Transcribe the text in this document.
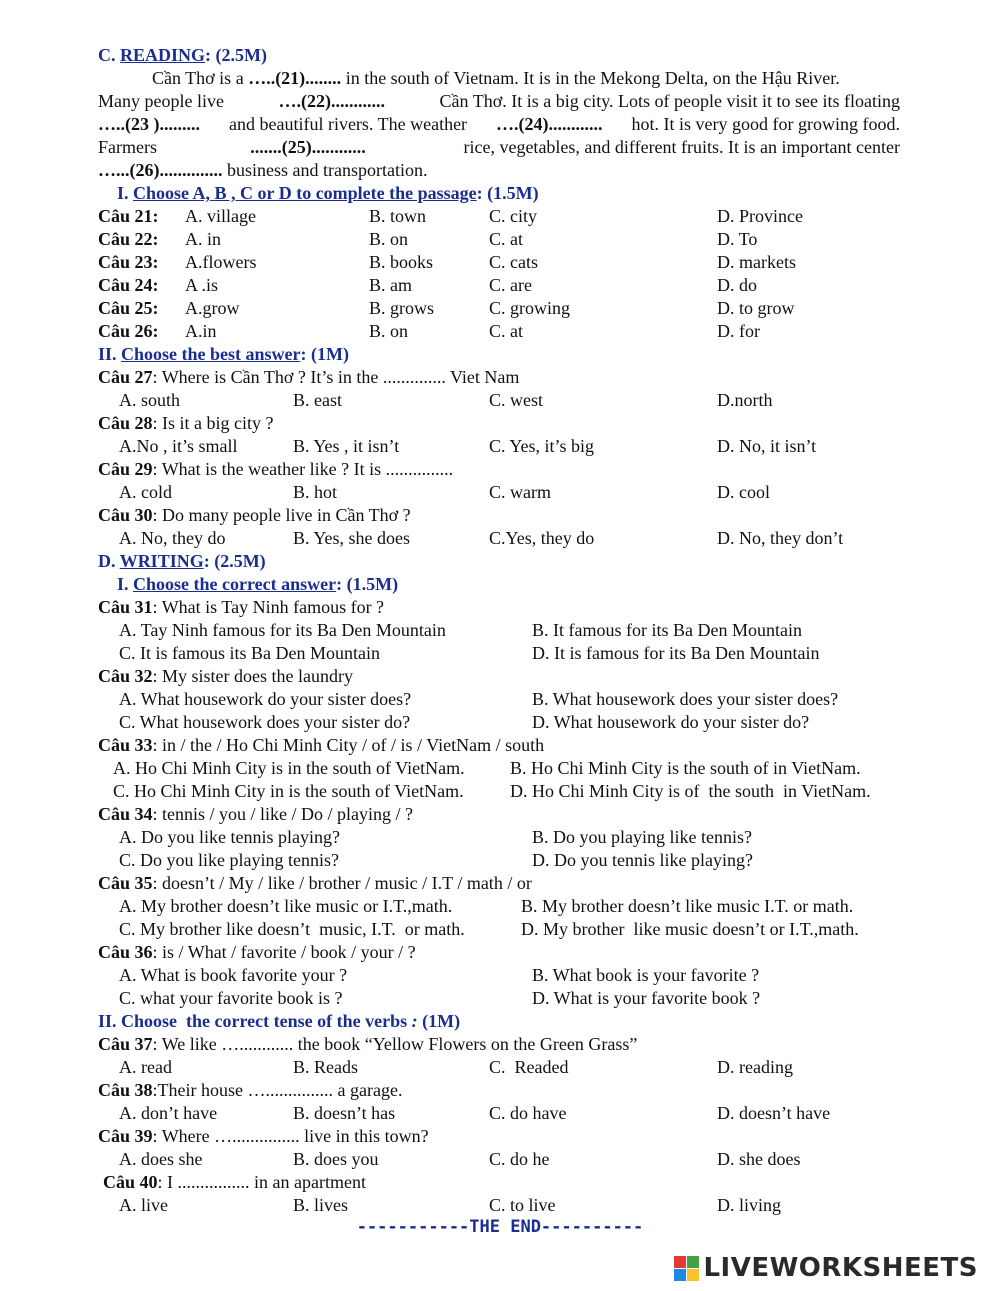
C. READING: (2.5M)
Cần Thơ is a …..(21)........ in the south of Vietnam. It is in the Mekong Delta, on the Hậu River.
Many people live	….(22)............	Cần Thơ. It is a big city. Lots of people visit it to see its floating
…..(23 )......... and beautiful rivers. The weather ….(24)............ hot. It is very good for growing food.
Farmers	.......(25)............	rice, vegetables, and different fruits. It is an important center
…...(26).............. business and transportation.
I. Choose A, B , C or D to complete the passage: (1.5M)
Câu 21: A. village	B. town	C. city	D. Province
Câu 22: A. in	B. on	C. at	D. To
Câu 23: A.flowers	B. books	C. cats	D. markets
Câu 24: A .is	B. am	C. are	D. do
Câu 25: A.grow	B. grows	C. growing	D. to grow
Câu 26: A.in	B. on	C. at	D. for
II. Choose the best answer: (1M)
Câu 27: Where is Cần Thơ ? It’s in the .............. Viet Nam
A. south	B. east	C. west	D.north
Câu 28: Is it a big city ?
A.No , it’s small	B. Yes , it isn’t	C. Yes, it’s big	D. No, it isn’t
Câu 29: What is the weather like ? It is ...............
A. cold	B. hot	C. warm	D. cool
Câu 30: Do many people live in Cần Thơ ?
A. No, they do	B. Yes, she does	C.Yes, they do	D. No, they don’t
D. WRITING: (2.5M)
I. Choose the correct answer: (1.5M)
Câu 31: What is Tay Ninh famous for ?
A. Tay Ninh famous for its Ba Den Mountain	B. It famous for its Ba Den Mountain
C. It is famous its Ba Den Mountain	D. It is famous for its Ba Den Mountain
Câu 32: My sister does the laundry
A. What housework do your sister does?	B. What housework does your sister does?
C. What housework does your sister do?	D. What housework do your sister do?
Câu 33: in / the / Ho Chi Minh City / of / is / VietNam / south
A. Ho Chi Minh City is in the south of VietNam.	B. Ho Chi Minh City is the south of in VietNam.
C. Ho Chi Minh City in is the south of VietNam.	D. Ho Chi Minh City is of  the south  in VietNam.
Câu 34: tennis / you / like / Do / playing / ?
A. Do you like tennis playing?	B. Do you playing like tennis?
C. Do you like playing tennis?	D. Do you tennis like playing?
Câu 35: doesn’t / My / like / brother / music / I.T / math / or
A. My brother doesn’t like music or I.T.,math.	B. My brother doesn’t like music I.T. or math.
C. My brother like doesn’t  music, I.T.  or math.	D. My brother  like music doesn’t or I.T.,math.
Câu 36: is / What / favorite / book / your / ?
A. What is book favorite your ?	B. What book is your favorite ?
C. what your favorite book is ?	D. What is your favorite book ?
II. Choose  the correct tense of the verbs : (1M)
Câu 37: We like …............ the book “Yellow Flowers on the Green Grass”
A. read	B. Reads	C.  Readed	D. reading
Câu 38:Their house …............... a garage.
A. don’t have	B. doesn’t has	C. do have	D. doesn’t have
Câu 39: Where …............... live in this town?
A. does she	B. does you	C. do he	D. she does
Câu 40: I ................ in an apartment
A. live	B. lives	C. to live	D. living
-----------THE END----------
LIVEWORKSHEETS
